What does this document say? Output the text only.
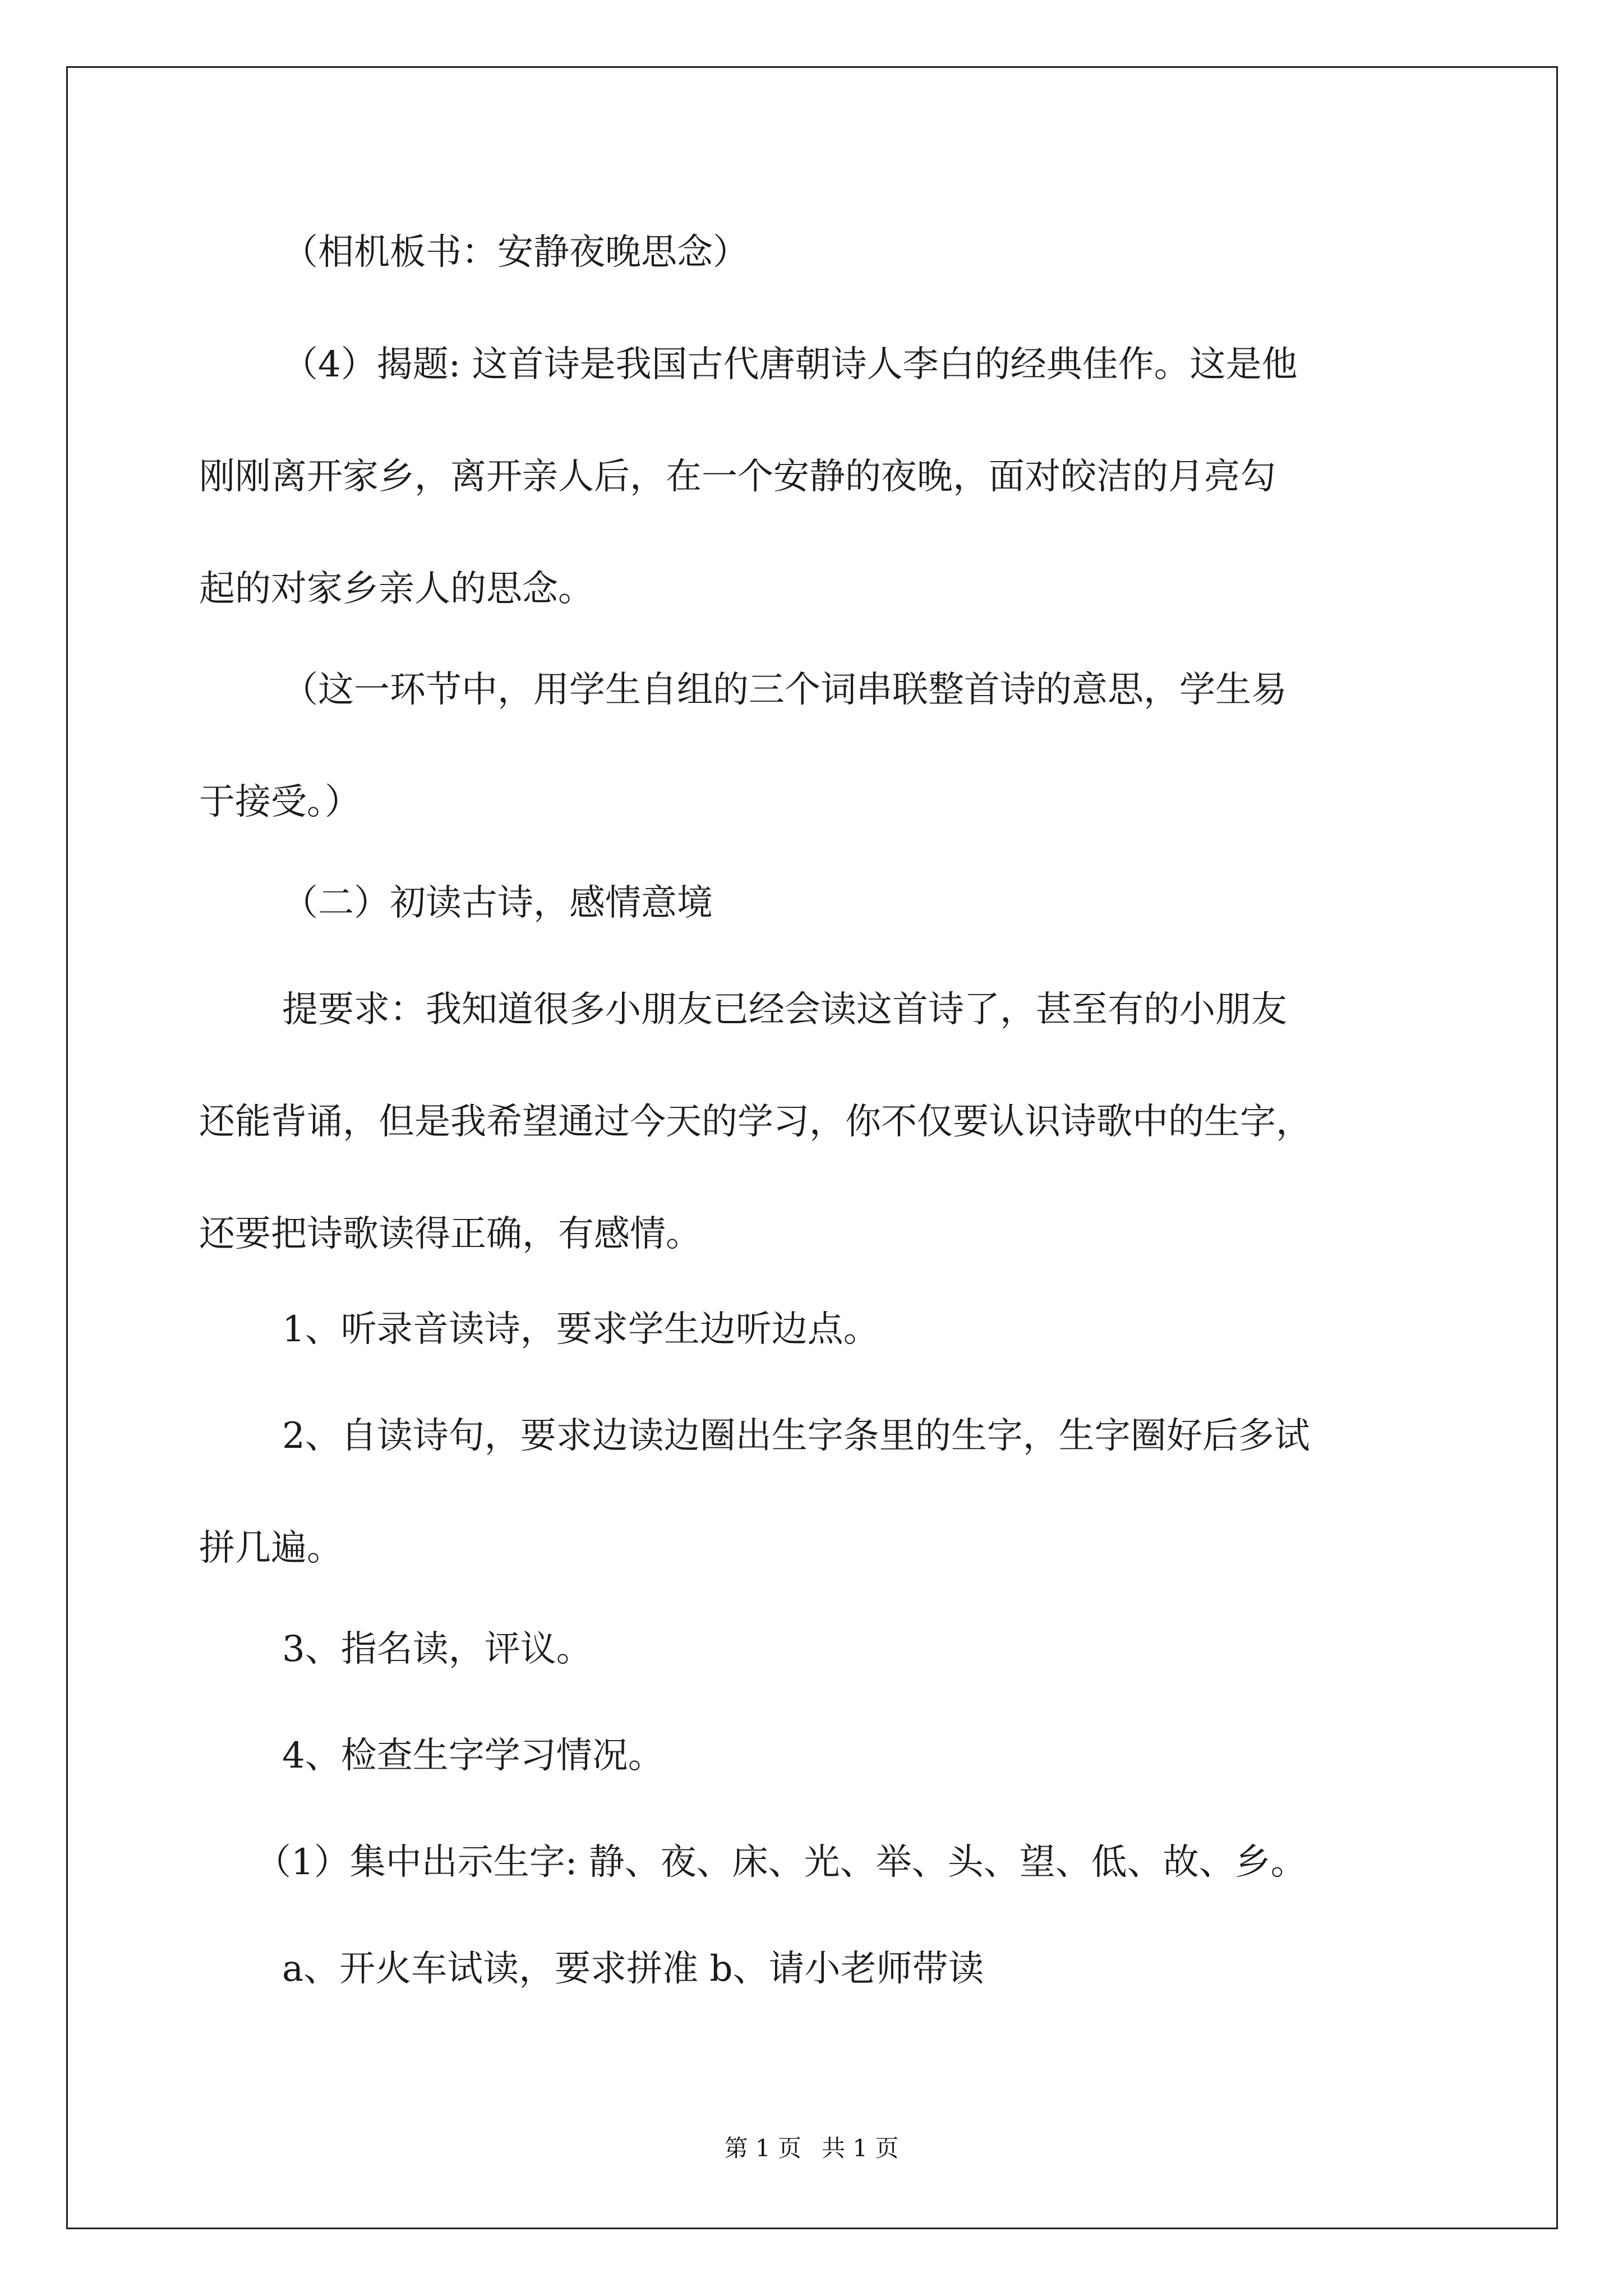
（相机板书：安静夜晚思念）
（4）揭题: 这首诗是我国古代唐朝诗人李白的经典佳作。这是他
刚刚离开家乡，离开亲人后，在一个安静的夜晚，面对皎洁的月亮勾
起的对家乡亲人的思念。
（这一环节中，用学生自组的三个词串联整首诗的意思，学生易
于接受。）
（二）初读古诗，感情意境
提要求：我知道很多小朋友已经会读这首诗了，甚至有的小朋友
还能背诵，但是我希望通过今天的学习，你不仅要认识诗歌中的生字，
还要把诗歌读得正确，有感情。
1、听录音读诗，要求学生边听边点。
2、自读诗句，要求边读边圈出生字条里的生字，生字圈好后多试
拼几遍。
3、指名读，评议。
4、检查生字学习情况。
（1）集中出示生字: 静、夜、床、光、举、头、望、低、故、乡。
a、开火车试读，要求拼准 b、请小老师带读
第 1 页 共 1 页
